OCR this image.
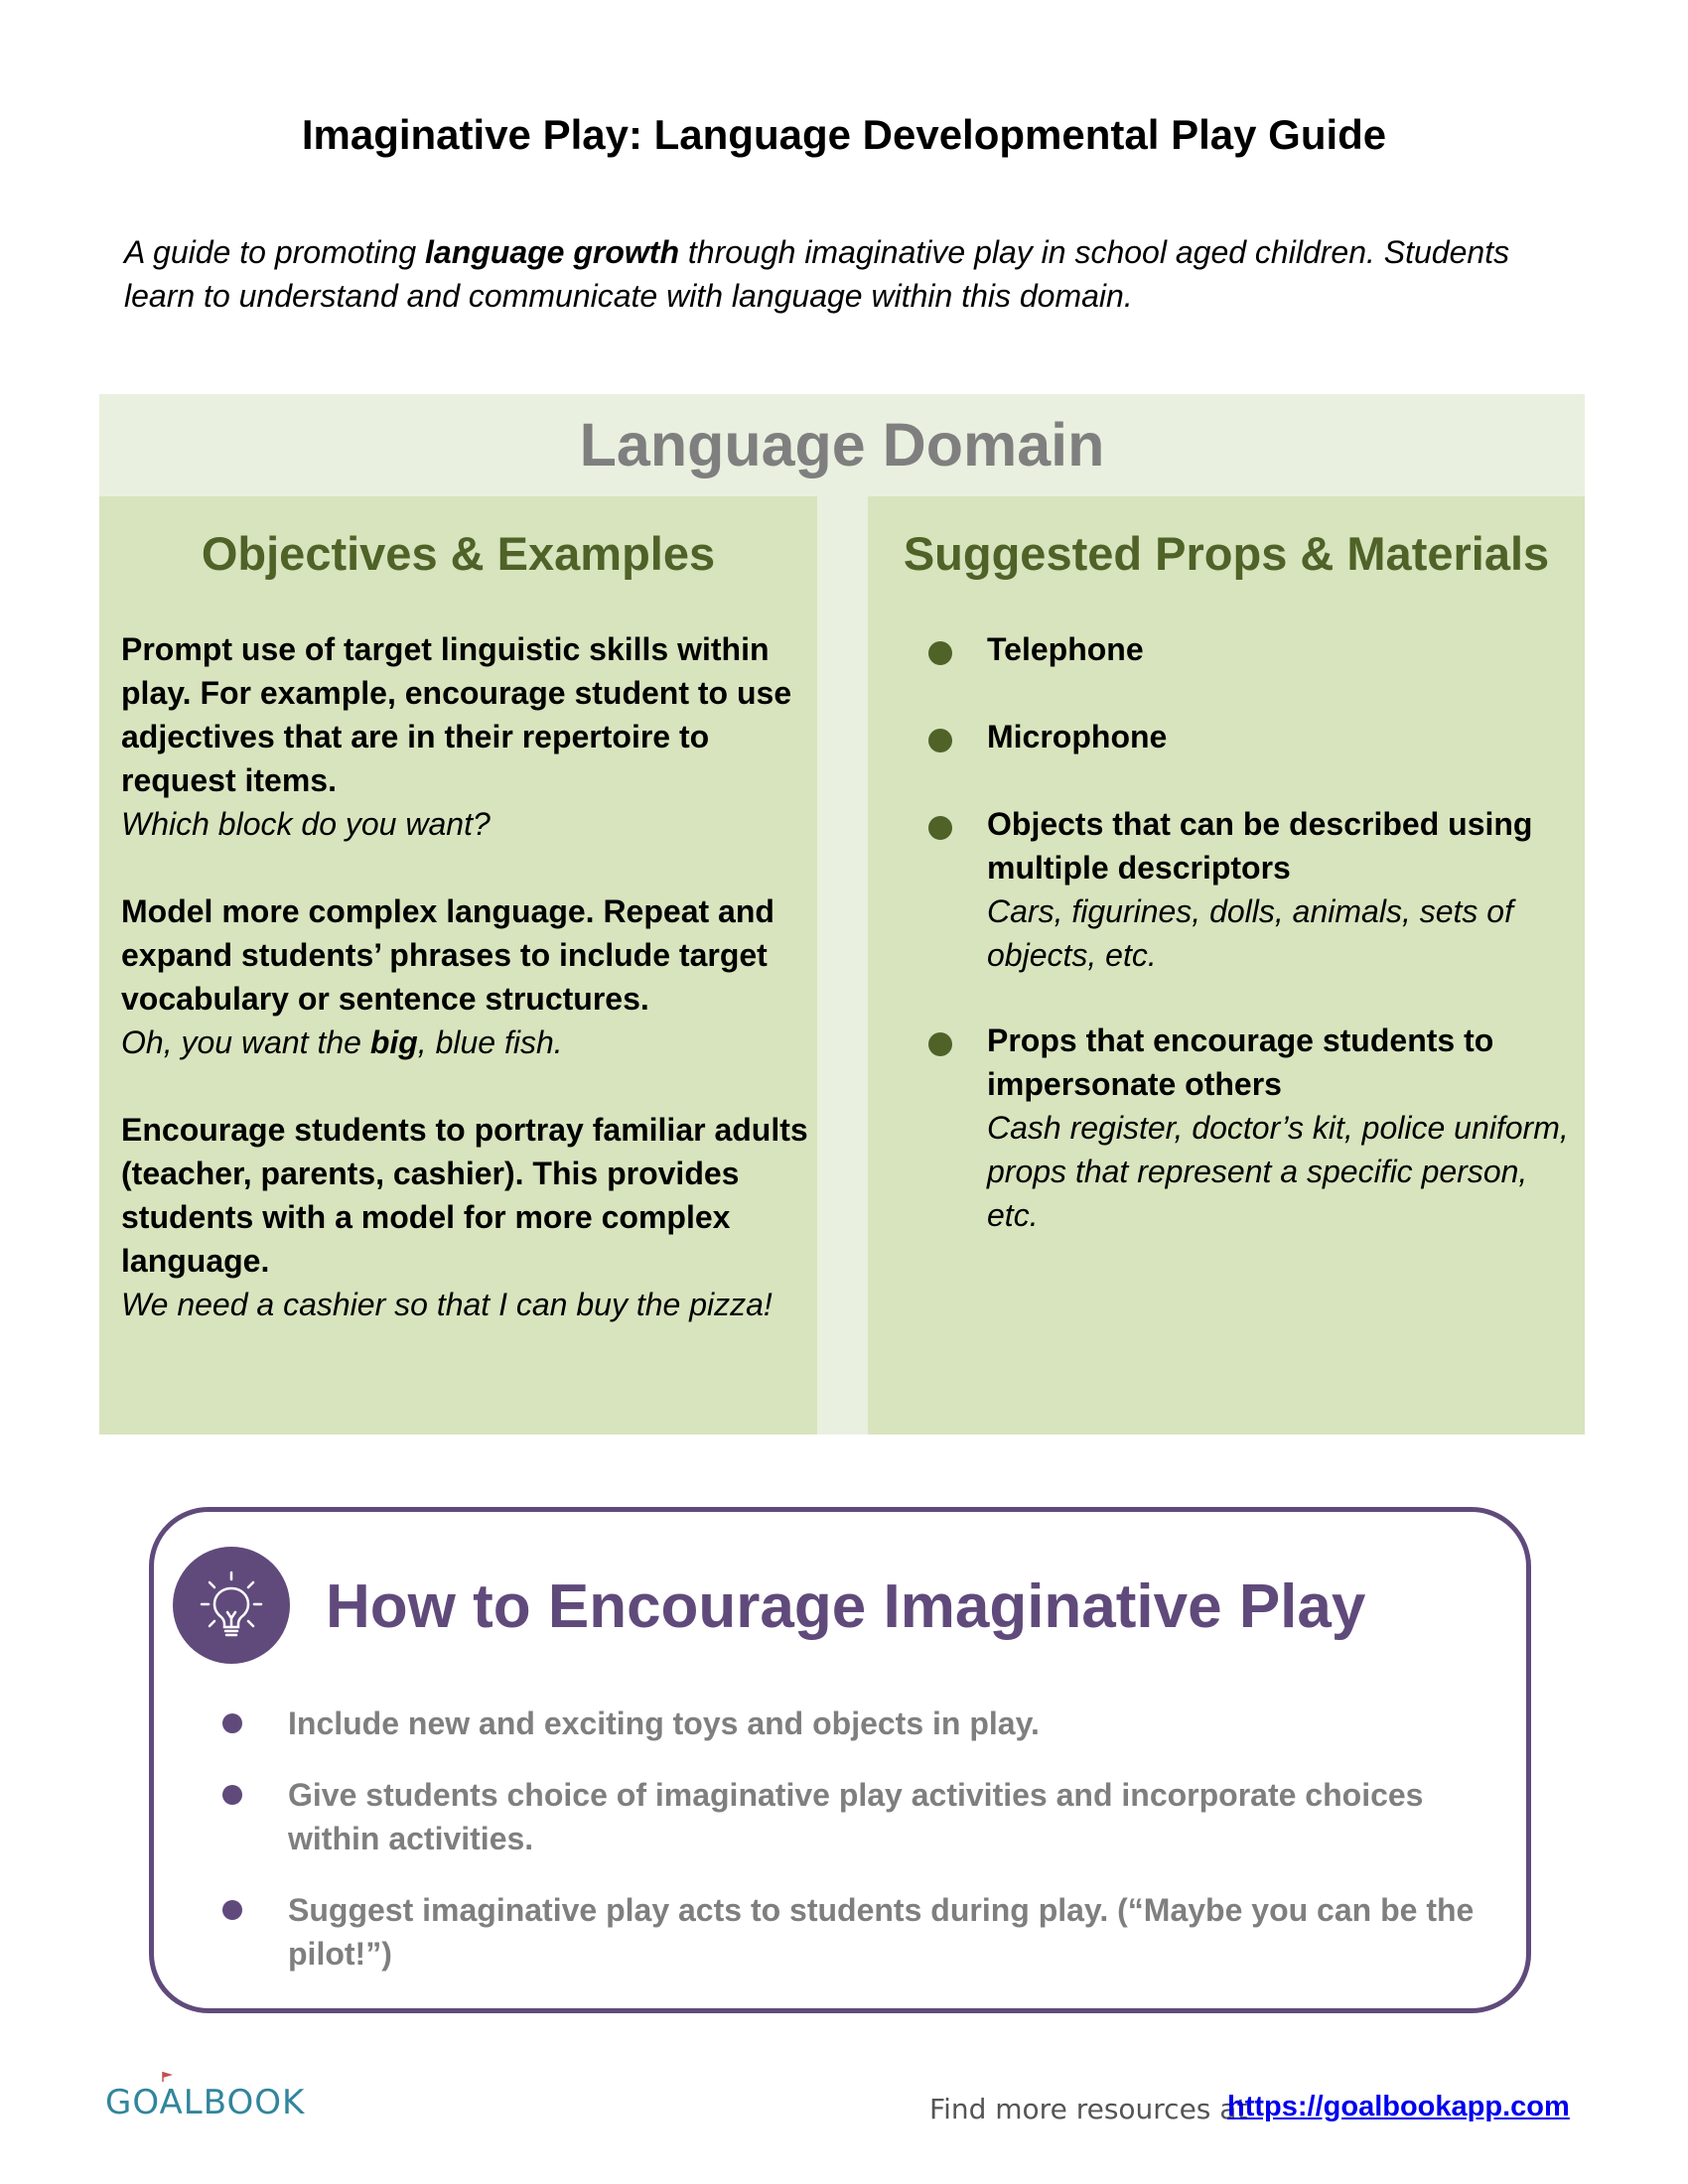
Imaginative Play: Language Developmental Play Guide
A guide to promoting language growth through imaginative play in school aged children. Students learn to understand and communicate with language within this domain.
Language Domain
Objectives & Examples	Suggested Props & Materials
Prompt use of target linguistic skills within play. For example, encourage student to use adjectives that are in their repertoire to request items.
Which block do you want?
Model more complex language. Repeat and expand students’ phrases to include target vocabulary or sentence structures.
Oh, you want the big, blue fish.
Encourage students to portray familiar adults (teacher, parents, cashier). This provides students with a model for more complex language.
We need a cashier so that I can buy the pizza!
Telephone
Microphone
Objects that can be described using multiple descriptors
Cars, figurines, dolls, animals, sets of objects, etc.
Props that encourage students to impersonate others
Cash register, doctor’s kit, police uniform, props that represent a specific person, etc.
How to Encourage Imaginative Play
Include new and exciting toys and objects in play.
Give students choice of imaginative play activities and incorporate choices within activities.
Suggest imaginative play acts to students during play. (“Maybe you can be the pilot!”)
GOALBOOK	Find more resources at
https://goalbookapp.com
